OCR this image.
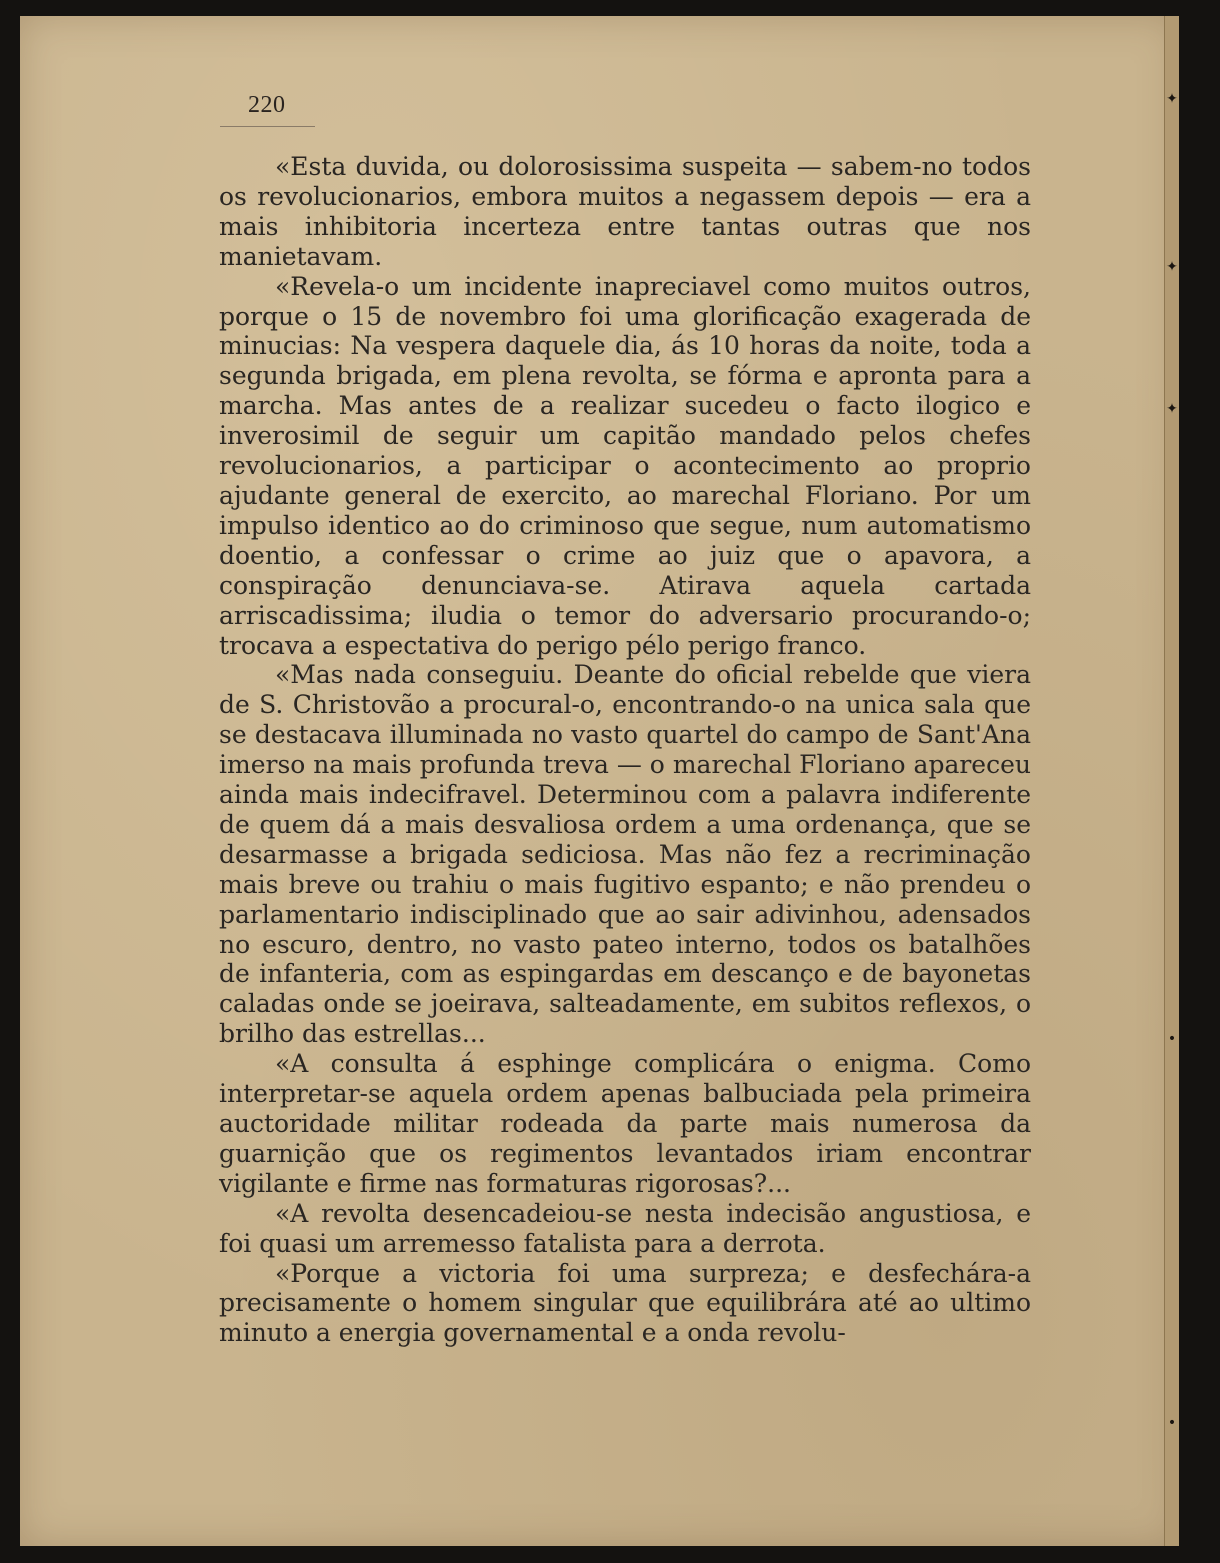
✦
✦
✦
•
•
220

«Esta duvida, ou dolorosissima suspeita — sabem-no todos os revolucionarios, embora muitos a negassem depois — era a mais inhibitoria incerteza entre tantas outras que nos manietavam.

«Revela-o um incidente inapreciavel como muitos outros, porque o 15 de novembro foi uma glorificação exagerada de minucias: Na vespera daquele dia, ás 10 horas da noite, toda a segunda brigada, em plena revolta, se fórma e apronta para a marcha. Mas antes de a realizar sucedeu o facto ilogico e inverosimil de seguir um capitão mandado pelos chefes revolucionarios, a participar o acontecimento ao proprio ajudante general de exercito, ao marechal Floriano. Por um impulso identico ao do criminoso que segue, num automatismo doentio, a confessar o crime ao juiz que o apavora, a conspiração denunciava-se. Atirava aquela cartada arriscadissima; iludia o temor do adversario procurando-o; trocava a espectativa do perigo pélo perigo franco.

«Mas nada conseguiu. Deante do oficial rebelde que viera de S. Christovão a procural-o, encontrando-o na unica sala que se destacava illuminada no vasto quartel do campo de Sant'Ana imerso na mais profunda treva — o marechal Floriano apareceu ainda mais indecifravel. Determinou com a palavra indiferente de quem dá a mais desvaliosa ordem a uma ordenança, que se desarmasse a brigada sediciosa. Mas não fez a recriminação mais breve ou trahiu o mais fugitivo espanto; e não prendeu o parlamentario indisciplinado que ao sair adivinhou, adensados no escuro, dentro, no vasto pateo interno, todos os batalhões de infanteria, com as espingardas em descanço e de bayonetas caladas onde se joeirava, salteadamente, em subitos reflexos, o brilho das estrellas...

«A consulta á esphinge complicára o enigma. Como interpretar-se aquela ordem apenas balbuciada pela primeira auctoridade militar rodeada da parte mais numerosa da guarnição que os regimentos levantados iriam encontrar vigilante e firme nas formaturas rigorosas?...

«A revolta desencadeiou-se nesta indecisão angustiosa, e foi quasi um arremesso fatalista para a derrota.

«Porque a victoria foi uma surpreza; e desfechára-a precisamente o homem singular que equilibrára até ao ultimo minuto a energia governamental e a onda revolu-
